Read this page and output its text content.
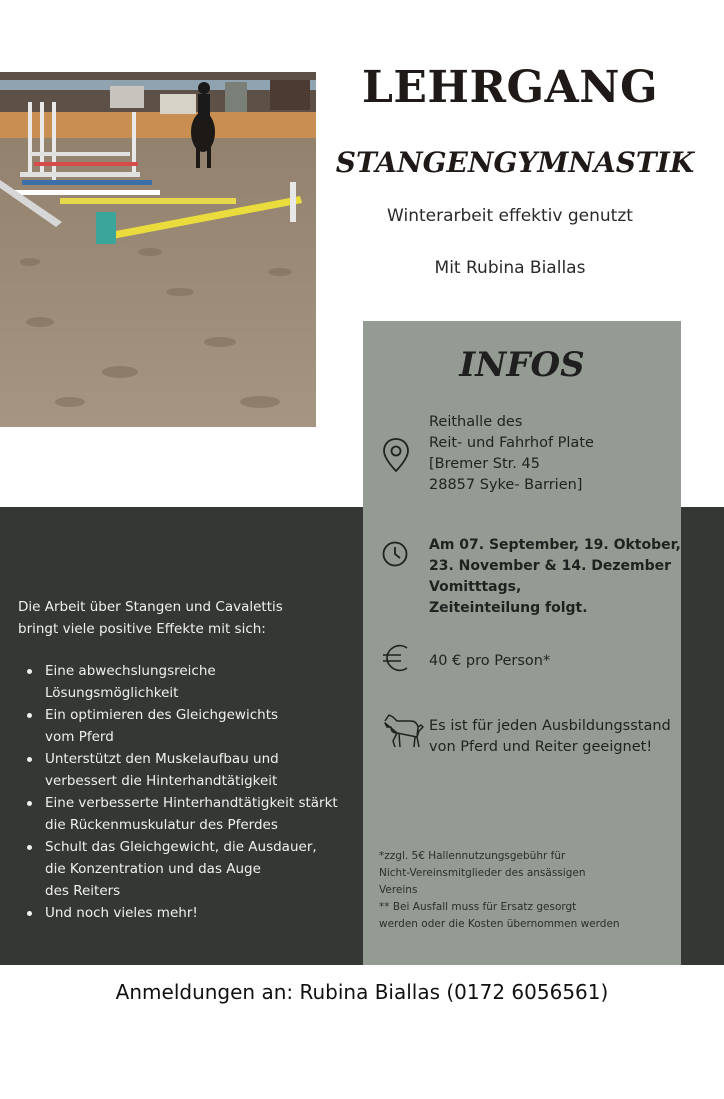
LEHRGANG
STANGENGYMNASTIK
Winterarbeit effektiv genutzt
Mit Rubina Biallas
WARUM
STANGENARBEIT?
Die Arbeit über Stangen und Cavalettis
bringt viele positive Effekte mit sich:
Eine abwechslungsreiche
Lösungsmöglichkeit
Ein optimieren des Gleichgewichts
vom Pferd
Unterstützt den Muskelaufbau und
verbessert die Hinterhandtätigkeit
Eine verbesserte Hinterhandtätigkeit stärkt
die Rückenmuskulatur des Pferdes
Schult das Gleichgewicht, die Ausdauer,
die Konzentration und das Auge
des Reiters
Und noch vieles mehr!
INFOS
Reithalle des
Reit- und Fahrhof Plate
[Bremer Str. 45
28857 Syke- Barrien]
Am 07. September, 19. Oktober,
23. November & 14. Dezember
Vomitttags,
Zeiteinteilung folgt.
40 € pro Person*
Es ist für jeden Ausbildungsstand
von Pferd und Reiter geeignet!
*zzgl. 5€ Hallennutzungsgebühr für
Nicht-Vereinsmitglieder des ansässigen
Vereins
** Bei Ausfall muss für Ersatz gesorgt
werden oder die Kosten übernommen werden
Anmeldungen an: Rubina Biallas (0172 6056561)
